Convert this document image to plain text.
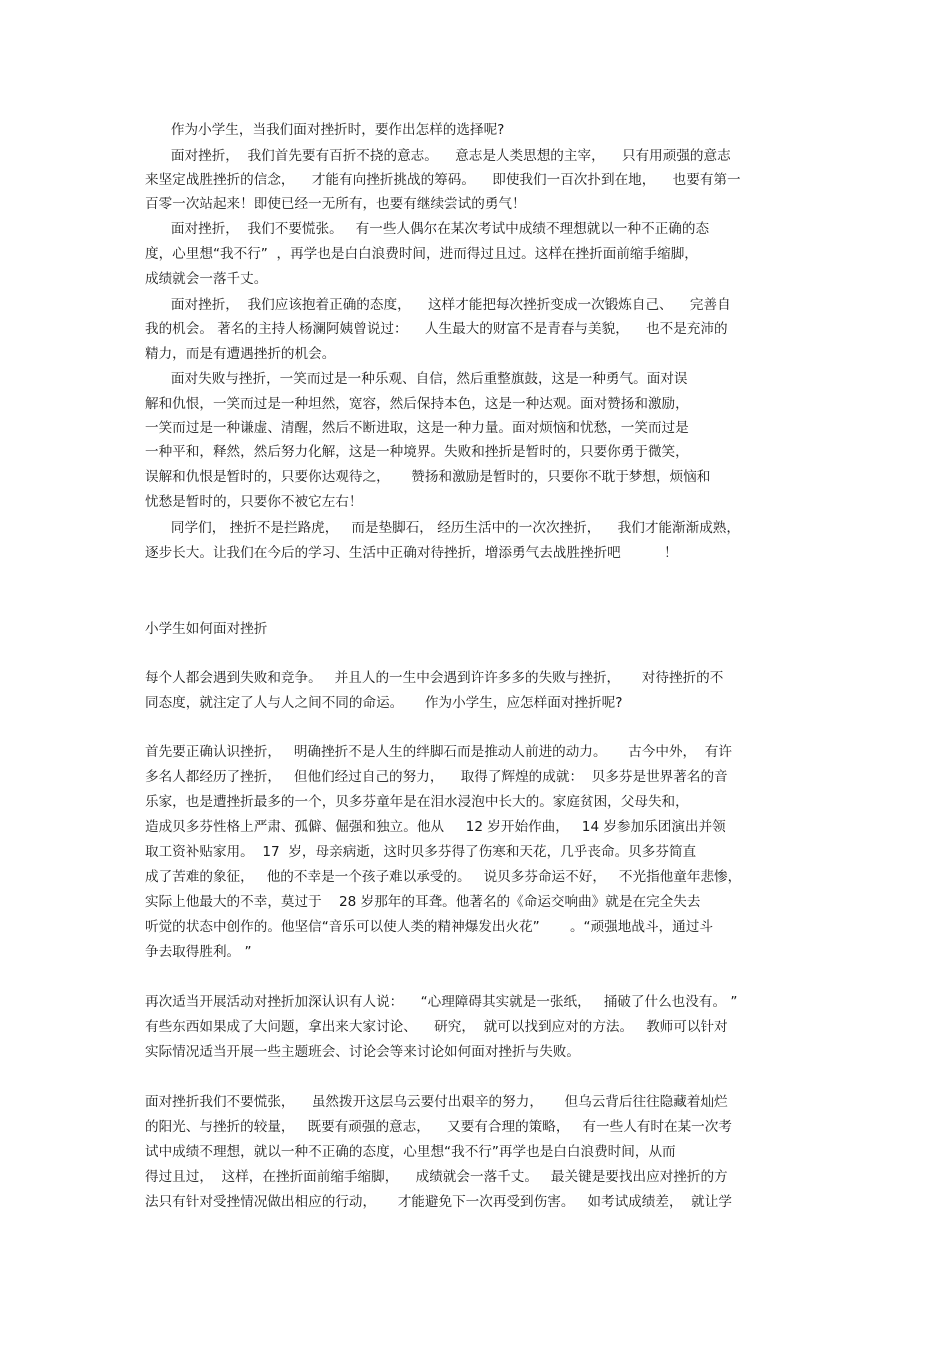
作为小学生，当我们面对挫折时，要作出怎样的选择呢?

面对挫折，  我们首先要有百折不挠的意志。    意志是人类思想的主宰，    只有用顽强的意志

来坚定战胜挫折的信念，    才能有向挫折挑战的筹码。    即使我们一百次扑到在地，    也要有第一

百零一次站起来！即使已经一无所有，也要有继续尝试的勇气！

面对挫折，  我们不要慌张。   有一些人偶尔在某次考试中成绩不理想就以一种不正确的态

度，心里想“我不行”  ，再学也是白白浪费时间，进而得过且过。这样在挫折面前缩手缩脚，

成绩就会一落千丈。

面对挫折，  我们应该抱着正确的态度，    这样才能把每次挫折变成一次锻炼自己、    完善自

我的机会。 著名的主持人杨澜阿姨曾说过：    人生最大的财富不是青春与美貌，    也不是充沛的

精力，而是有遭遇挫折的机会。

面对失败与挫折，一笑而过是一种乐观、自信，然后重整旗鼓，这是一种勇气。面对误

解和仇恨，一笑而过是一种坦然，宽容，然后保持本色，这是一种达观。面对赞扬和激励，

一笑而过是一种谦虚、清醒，然后不断进取，这是一种力量。面对烦恼和忧愁，一笑而过是

一种平和，释然，然后努力化解，这是一种境界。失败和挫折是暂时的，只要你勇于微笑，

误解和仇恨是暂时的，只要你达观待之，     赞扬和激励是暂时的，只要你不耽于梦想，烦恼和

忧愁是暂时的，只要你不被它左右！

同学们， 挫折不是拦路虎，   而是垫脚石， 经历生活中的一次次挫折，    我们才能渐渐成熟，

逐步长大。让我们在今后的学习、生活中正确对待挫折，增添勇气去战胜挫折吧          ！

小学生如何面对挫折

每个人都会遇到失败和竞争。   并且人的一生中会遇到许许多多的失败与挫折，     对待挫折的不

同态度，就注定了人与人之间不同的命运。     作为小学生，应怎样面对挫折呢?

首先要正确认识挫折，   明确挫折不是人生的绊脚石而是推动人前进的动力。     古今中外，  有许

多名人都经历了挫折，   但他们经过自己的努力，    取得了辉煌的成就：  贝多芬是世界著名的音

乐家，也是遭挫折最多的一个，贝多芬童年是在泪水浸泡中长大的。家庭贫困，父母失和，

造成贝多芬性格上严肃、孤僻、倔强和独立。他从     12 岁开始作曲，   14 岁参加乐团演出并领

取工资补贴家用。  17  岁，母亲病逝，这时贝多芬得了伤寒和天花，几乎丧命。贝多芬简直

成了苦难的象征，   他的不幸是一个孩子难以承受的。   说贝多芬命运不好，   不光指他童年悲惨，

实际上他最大的不幸，莫过于    28 岁那年的耳聋。他著名的《命运交响曲》就是在完全失去

听觉的状态中创作的。他坚信“音乐可以使人类的精神爆发出火花”       。“顽强地战斗，通过斗

争去取得胜利。 ”

再次适当开展活动对挫折加深认识有人说：    “心理障碍其实就是一张纸，   捅破了什么也没有。 ”

有些东西如果成了大问题，拿出来大家讨论、    研究，  就可以找到应对的方法。   教师可以针对

实际情况适当开展一些主题班会、讨论会等来讨论如何面对挫折与失败。

面对挫折我们不要慌张，    虽然拨开这层乌云要付出艰辛的努力，     但乌云背后往往隐藏着灿烂

的阳光、与挫折的较量，   既要有顽强的意志，    又要有合理的策略，   有一些人有时在某一次考

试中成绩不理想，就以一种不正确的态度，心里想“我不行”再学也是白白浪费时间，从而

得过且过，  这样，在挫折面前缩手缩脚，    成绩就会一落千丈。   最关键是要找出应对挫折的方

法只有针对受挫情况做出相应的行动，     才能避免下一次再受到伤害。   如考试成绩差，  就让学
